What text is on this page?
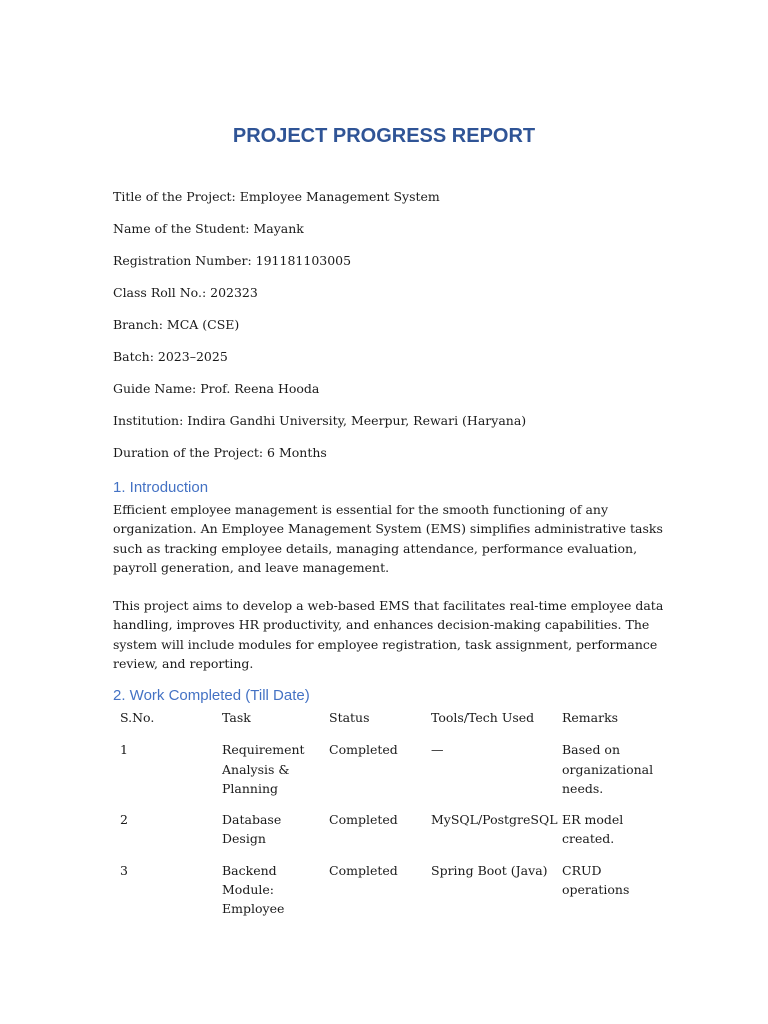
PROJECT PROGRESS REPORT

Title of the Project: Employee Management System

Name of the Student: Mayank

Registration Number: 191181103005

Class Roll No.: 202323

Branch: MCA (CSE)

Batch: 2023–2025

Guide Name: Prof. Reena Hooda

Institution: Indira Gandhi University, Meerpur, Rewari (Haryana)

Duration of the Project: 6 Months

1. Introduction

Efficient employee management is essential for the smooth functioning of any organization. An Employee Management System (EMS) simplifies administrative tasks such as tracking employee details, managing attendance, performance evaluation, payroll generation, and leave management.

This project aims to develop a web-based EMS that facilitates real-time employee data handling, improves HR productivity, and enhances decision-making capabilities. The system will include modules for employee registration, task assignment, performance review, and reporting.

2. Work Completed (Till Date)
S.No.	Task	Status	Tools/Tech Used	Remarks
1	Requirement Analysis & Planning	Completed	—	Based on organizational needs.
2	Database Design	Completed	MySQL/PostgreSQL	ER model created.
3	Backend Module: Employee	Completed	Spring Boot (Java)	CRUD operations
